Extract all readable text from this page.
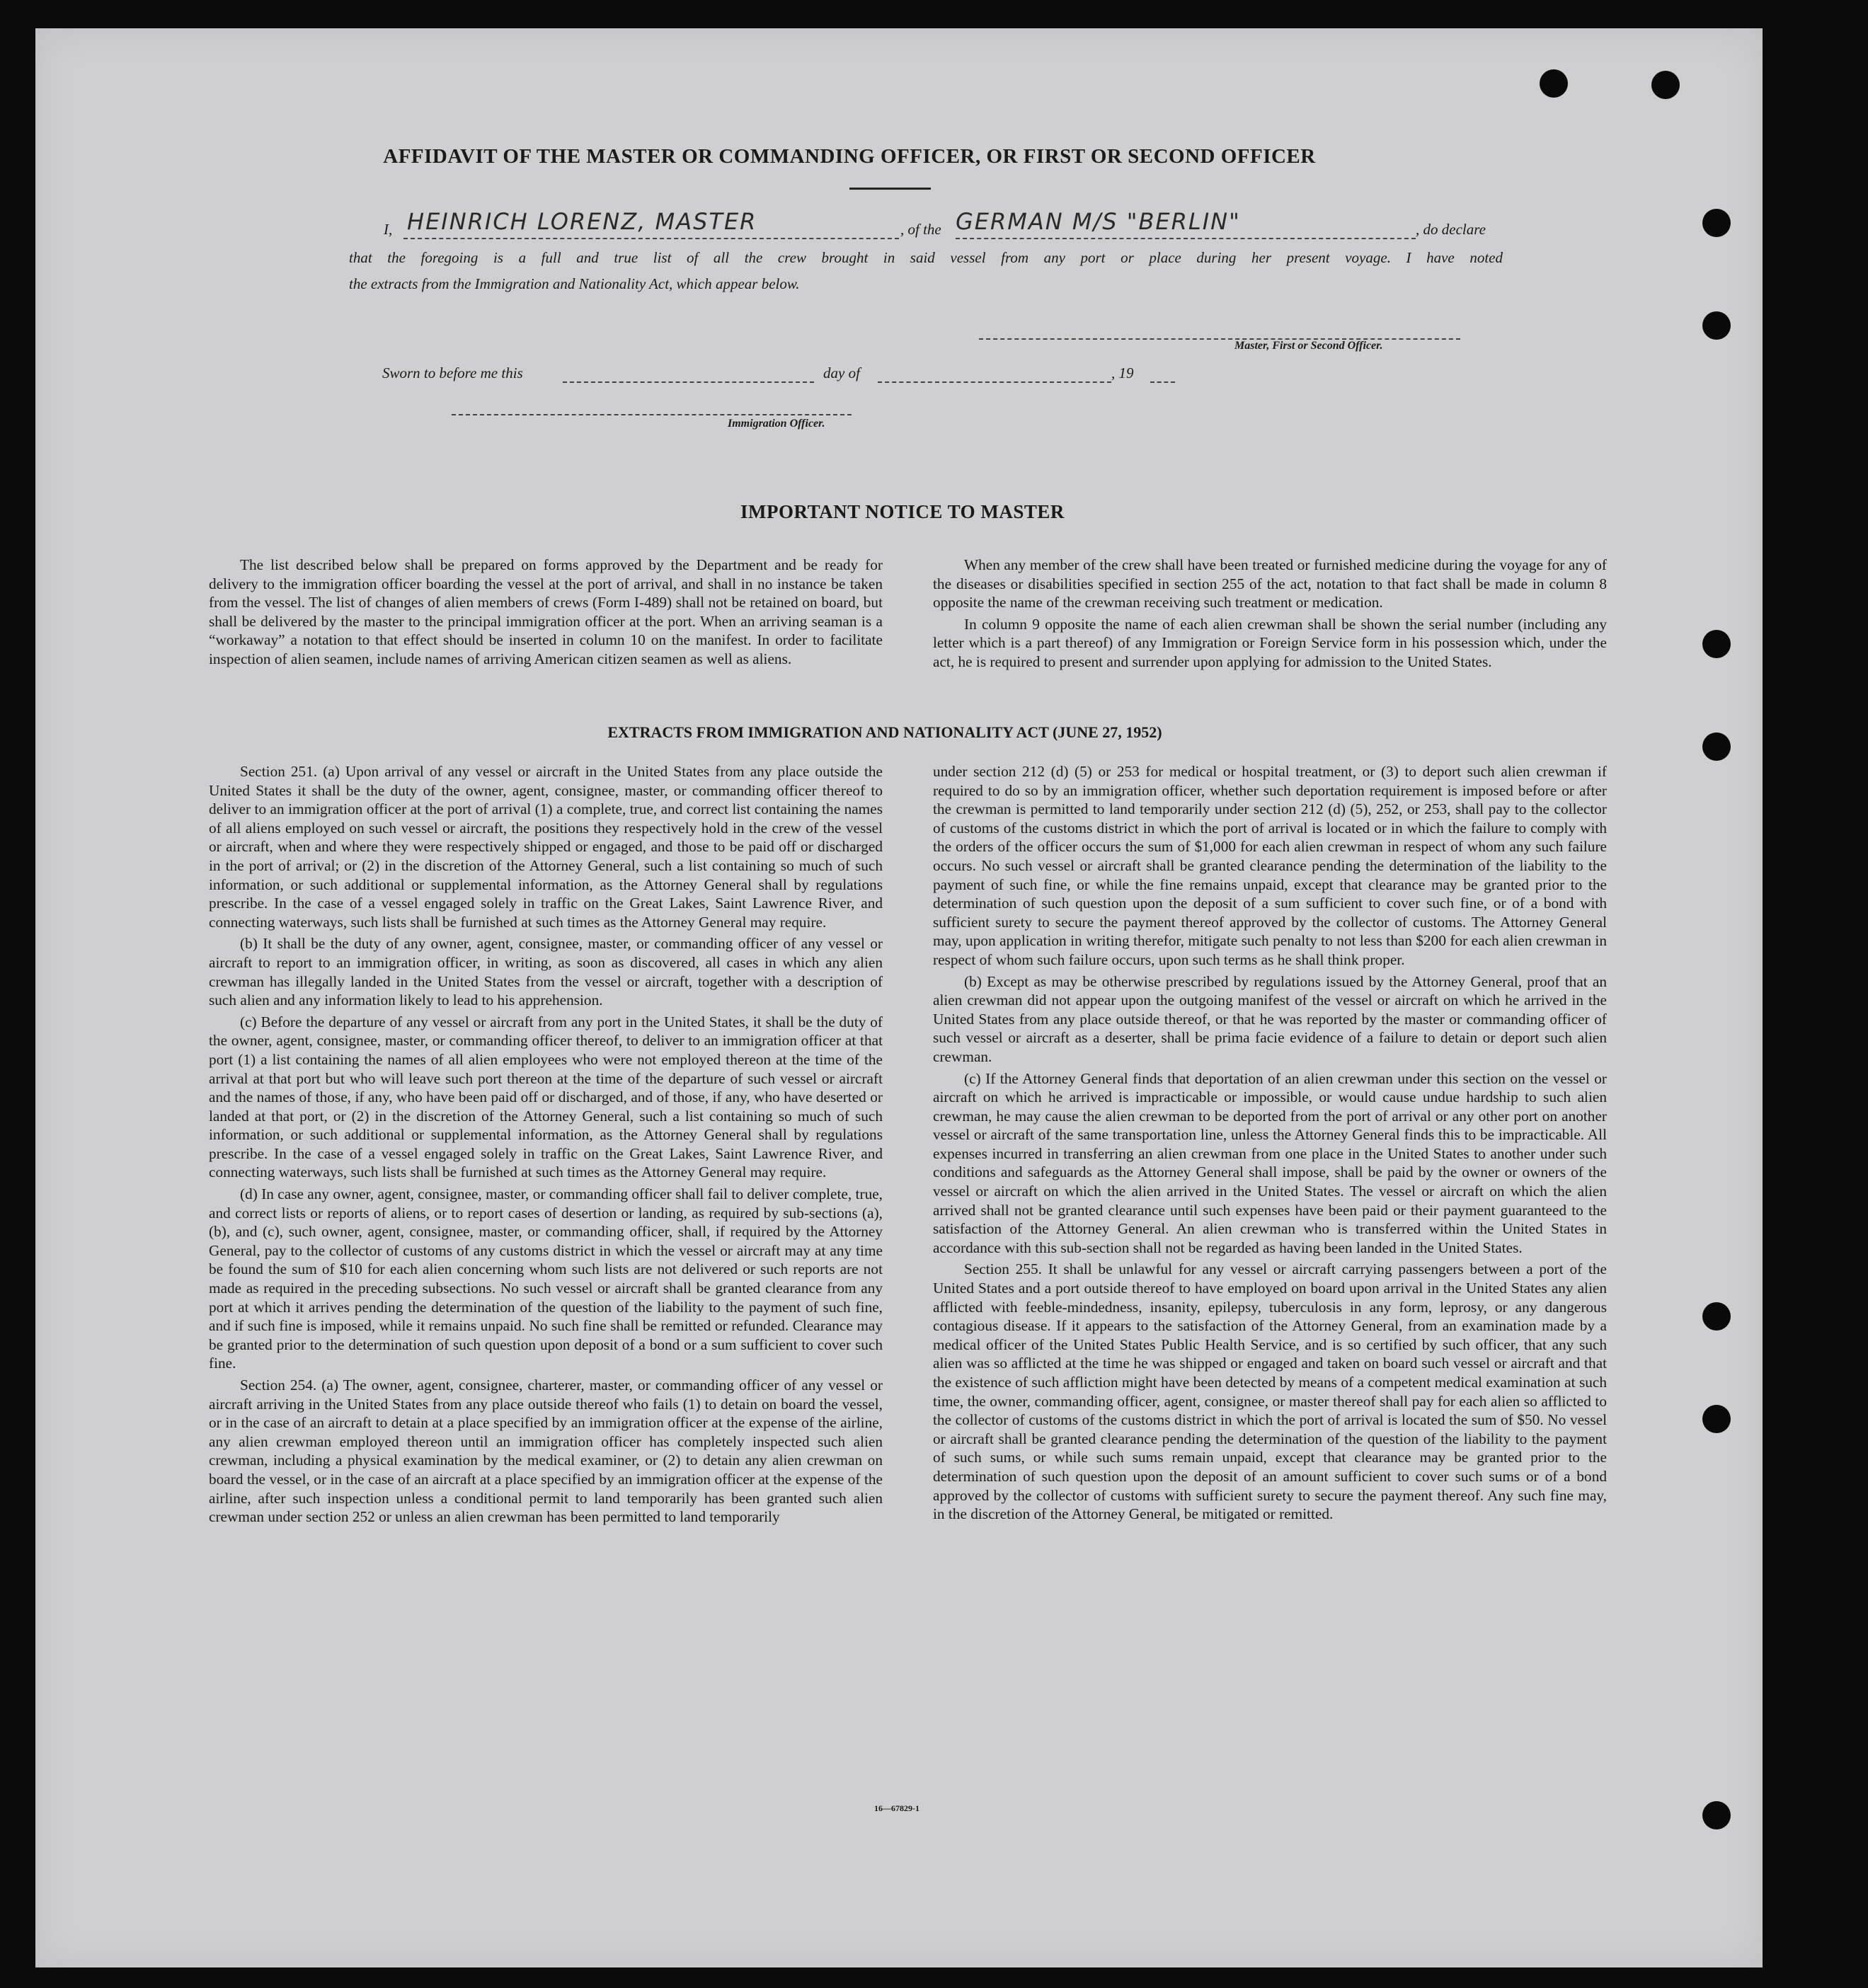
AFFIDAVIT OF THE MASTER OR COMMANDING OFFICER, OR FIRST OR SECOND OFFICER
I, HEINRICH LORENZ, MASTER	, of the GERMAN M/S "BERLIN"	, do declare
that the foregoing is a full and true list of all the crew brought in said vessel from any port or place during her present voyage. I have noted
the extracts from the Immigration and Nationality Act, which appear below.
Master, First or Second Officer.
Sworn to before me this	day of	, 19
Immigration Officer.
IMPORTANT NOTICE TO MASTER

The list described below shall be prepared on forms approved by the Department and be ready for delivery to the immigration officer boarding the vessel at the port of arrival, and shall in no instance be taken from the vessel. The list of changes of alien members of crews (Form I-489) shall not be retained on board, but shall be delivered by the master to the principal immigration officer at the port. When an arriving seaman is a “workaway” a notation to that effect should be inserted in column 10 on the manifest. In order to facilitate inspection of alien seamen, include names of arriving American citizen seamen as well as aliens.

When any member of the crew shall have been treated or furnished medicine during the voyage for any of the diseases or disabilities specified in section 255 of the act, notation to that fact shall be made in column 8 opposite the name of the crewman receiving such treatment or medication.

In column 9 opposite the name of each alien crewman shall be shown the serial number (including any letter which is a part thereof) of any Immigration or Foreign Service form in his possession which, under the act, he is required to present and surrender upon applying for admission to the United States.

EXTRACTS FROM IMMIGRATION AND NATIONALITY ACT (JUNE 27, 1952)

Section 251. (a) Upon arrival of any vessel or aircraft in the United States from any place outside the United States it shall be the duty of the owner, agent, consignee, master, or commanding officer thereof to deliver to an immigration officer at the port of arrival (1) a complete, true, and correct list containing the names of all aliens employed on such vessel or aircraft, the positions they respectively hold in the crew of the vessel or aircraft, when and where they were respectively shipped or engaged, and those to be paid off or discharged in the port of arrival; or (2) in the discretion of the Attorney General, such a list containing so much of such information, or such additional or supplemental information, as the Attorney General shall by regulations prescribe. In the case of a vessel engaged solely in traffic on the Great Lakes, Saint Lawrence River, and connecting waterways, such lists shall be furnished at such times as the Attorney General may require.

(b) It shall be the duty of any owner, agent, consignee, master, or commanding officer of any vessel or aircraft to report to an immigration officer, in writing, as soon as discovered, all cases in which any alien crewman has illegally landed in the United States from the vessel or aircraft, together with a description of such alien and any information likely to lead to his apprehension.

(c) Before the departure of any vessel or aircraft from any port in the United States, it shall be the duty of the owner, agent, consignee, master, or commanding officer thereof, to deliver to an immigration officer at that port (1) a list containing the names of all alien employees who were not employed thereon at the time of the arrival at that port but who will leave such port thereon at the time of the departure of such vessel or aircraft and the names of those, if any, who have been paid off or discharged, and of those, if any, who have deserted or landed at that port, or (2) in the discretion of the Attorney General, such a list containing so much of such information, or such additional or supplemental information, as the Attorney General shall by regulations prescribe. In the case of a vessel engaged solely in traffic on the Great Lakes, Saint Lawrence River, and connecting waterways, such lists shall be furnished at such times as the Attorney General may require.

(d) In case any owner, agent, consignee, master, or commanding officer shall fail to deliver complete, true, and correct lists or reports of aliens, or to report cases of desertion or landing, as required by sub-sections (a), (b), and (c), such owner, agent, consignee, master, or commanding officer, shall, if required by the Attorney General, pay to the collector of customs of any customs district in which the vessel or aircraft may at any time be found the sum of $10 for each alien concerning whom such lists are not delivered or such reports are not made as required in the preceding subsections. No such vessel or aircraft shall be granted clearance from any port at which it arrives pending the determination of the question of the liability to the payment of such fine, and if such fine is imposed, while it remains unpaid. No such fine shall be remitted or refunded. Clearance may be granted prior to the determination of such question upon deposit of a bond or a sum sufficient to cover such fine.

Section 254. (a) The owner, agent, consignee, charterer, master, or commanding officer of any vessel or aircraft arriving in the United States from any place outside thereof who fails (1) to detain on board the vessel, or in the case of an aircraft to detain at a place specified by an immigration officer at the expense of the airline, any alien crewman employed thereon until an immigration officer has completely inspected such alien crewman, including a physical examination by the medical examiner, or (2) to detain any alien crewman on board the vessel, or in the case of an aircraft at a place specified by an immigration officer at the expense of the airline, after such inspection unless a conditional permit to land temporarily has been granted such alien crewman under section 252 or unless an alien crewman has been permitted to land temporarily

under section 212 (d) (5) or 253 for medical or hospital treatment, or (3) to deport such alien crewman if required to do so by an immigration officer, whether such deportation requirement is imposed before or after the crewman is permitted to land temporarily under section 212 (d) (5), 252, or 253, shall pay to the collector of customs of the customs district in which the port of arrival is located or in which the failure to comply with the orders of the officer occurs the sum of $1,000 for each alien crewman in respect of whom any such failure occurs. No such vessel or aircraft shall be granted clearance pending the determination of the liability to the payment of such fine, or while the fine remains unpaid, except that clearance may be granted prior to the determination of such question upon the deposit of a sum sufficient to cover such fine, or of a bond with sufficient surety to secure the payment thereof approved by the collector of customs. The Attorney General may, upon application in writing therefor, mitigate such penalty to not less than $200 for each alien crewman in respect of whom such failure occurs, upon such terms as he shall think proper.

(b) Except as may be otherwise prescribed by regulations issued by the Attorney General, proof that an alien crewman did not appear upon the outgoing manifest of the vessel or aircraft on which he arrived in the United States from any place outside thereof, or that he was reported by the master or commanding officer of such vessel or aircraft as a deserter, shall be prima facie evidence of a failure to detain or deport such alien crewman.

(c) If the Attorney General finds that deportation of an alien crewman under this section on the vessel or aircraft on which he arrived is impracticable or impossible, or would cause undue hardship to such alien crewman, he may cause the alien crewman to be deported from the port of arrival or any other port on another vessel or aircraft of the same transportation line, unless the Attorney General finds this to be impracticable. All expenses incurred in transferring an alien crewman from one place in the United States to another under such conditions and safeguards as the Attorney General shall impose, shall be paid by the owner or owners of the vessel or aircraft on which the alien arrived in the United States. The vessel or aircraft on which the alien arrived shall not be granted clearance until such expenses have been paid or their payment guaranteed to the satisfaction of the Attorney General. An alien crewman who is transferred within the United States in accordance with this sub-section shall not be regarded as having been landed in the United States.

Section 255. It shall be unlawful for any vessel or aircraft carrying passengers between a port of the United States and a port outside thereof to have employed on board upon arrival in the United States any alien afflicted with feeble-mindedness, insanity, epilepsy, tuberculosis in any form, leprosy, or any dangerous contagious disease. If it appears to the satisfaction of the Attorney General, from an examination made by a medical officer of the United States Public Health Service, and is so certified by such officer, that any such alien was so afflicted at the time he was shipped or engaged and taken on board such vessel or aircraft and that the existence of such affliction might have been detected by means of a competent medical examination at such time, the owner, commanding officer, agent, consignee, or master thereof shall pay for each alien so afflicted to the collector of customs of the customs district in which the port of arrival is located the sum of $50. No vessel or aircraft shall be granted clearance pending the determination of the question of the liability to the payment of such sums, or while such sums remain unpaid, except that clearance may be granted prior to the determination of such question upon the deposit of an amount sufficient to cover such sums or of a bond approved by the collector of customs with sufficient surety to secure the payment thereof. Any such fine may, in the discretion of the Attorney General, be mitigated or remitted.

16—67829-1
